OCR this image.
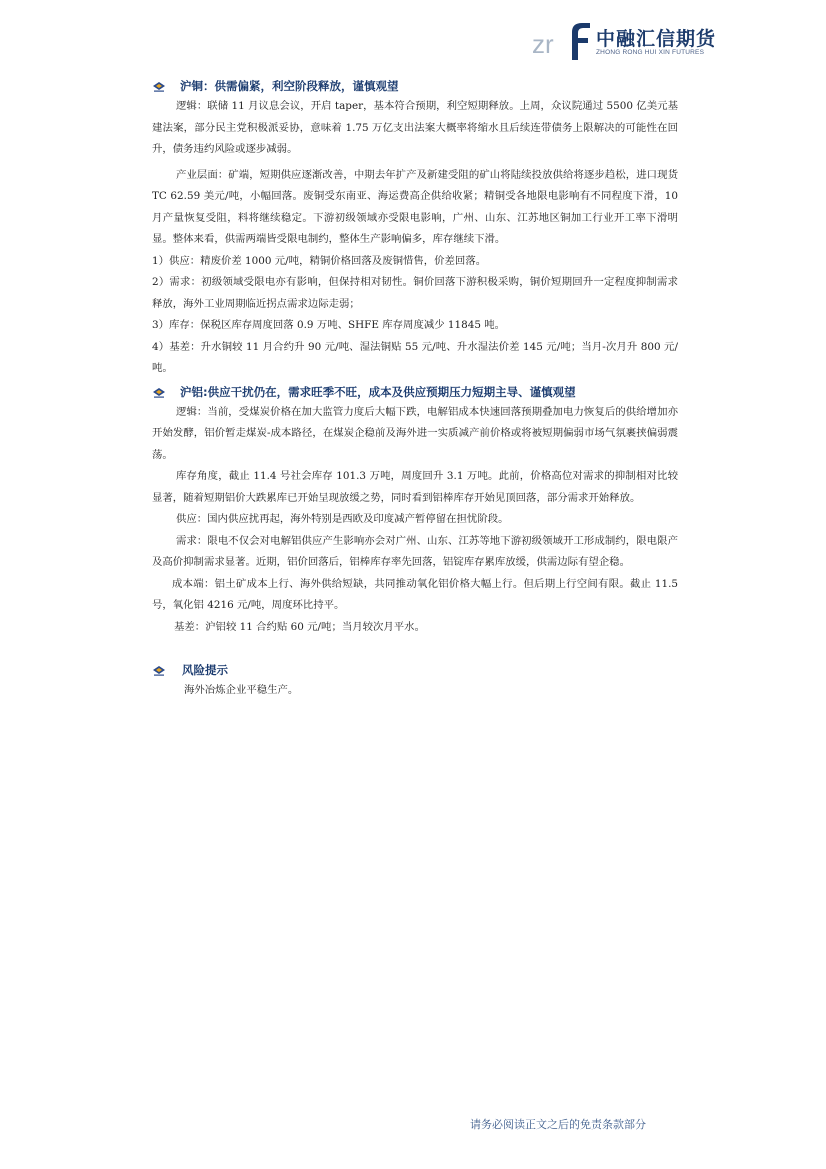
zr 中融汇信期货
ZHONG RONG HUI XIN FUTURES
沪铜：供需偏紧，利空阶段释放，谨慎观望

逻辑：联储 11 月议息会议，开启 taper，基本符合预期，利空短期释放。上周，众议院通过 5500 亿美元基建法案，部分民主党积极派妥协，意味着 1.75 万亿支出法案大概率将缩水且后续连带债务上限解决的可能性在回升，债务违约风险或逐步减弱。

产业层面：矿端，短期供应逐渐改善，中期去年扩产及新建受阻的矿山将陆续投放供给将逐步趋松，进口现货 TC 62.59 美元/吨，小幅回落。废铜受东南亚、海运费高企供给收紧；精铜受各地限电影响有不同程度下滑，10 月产量恢复受阻，料将继续稳定。下游初级领域亦受限电影响，广州、山东、江苏地区铜加工行业开工率下滑明显。整体来看，供需两端皆受限电制约，整体生产影响偏多，库存继续下滑。

1）供应：精废价差 1000 元/吨，精铜价格回落及废铜惜售，价差回落。

2）需求：初级领域受限电亦有影响，但保持相对韧性。铜价回落下游积极采购，铜价短期回升一定程度抑制需求释放，海外工业周期临近拐点需求边际走弱；

3）库存：保税区库存周度回落 0.9 万吨、SHFE 库存周度减少 11845 吨。

4）基差：升水铜较 11 月合约升 90 元/吨、湿法铜贴 55 元/吨、升水湿法价差 145 元/吨；当月-次月升 800 元/吨。

沪铝:供应干扰仍在，需求旺季不旺，成本及供应预期压力短期主导、谨慎观望

逻辑：当前，受煤炭价格在加大监管力度后大幅下跌，电解铝成本快速回落预期叠加电力恢复后的供给增加亦开始发酵，铝价暂走煤炭-成本路径，在煤炭企稳前及海外进一实质减产前价格或将被短期偏弱市场气氛裹挟偏弱震荡。

库存角度，截止 11.4 号社会库存 101.3 万吨，周度回升 3.1 万吨。此前，价格高位对需求的抑制相对比较显著，随着短期铝价大跌累库已开始呈现放缓之势，同时看到铝棒库存开始见顶回落，部分需求开始释放。

供应：国内供应扰再起，海外特别是西欧及印度减产暂停留在担忧阶段。

需求：限电不仅会对电解铝供应产生影响亦会对广州、山东、江苏等地下游初级领域开工形成制约，限电限产及高价抑制需求显著。近期，铝价回落后，铝棒库存率先回落，铝锭库存累库放缓，供需边际有望企稳。

成本端：铝土矿成本上行、海外供给短缺，共同推动氧化铝价格大幅上行。但后期上行空间有限。截止 11.5 号，氧化铝 4216 元/吨，周度环比持平。

基差：沪铝较 11 合约贴 60 元/吨；当月较次月平水。

风险提示
海外冶炼企业平稳生产。
请务必阅读正文之后的免责条款部分
